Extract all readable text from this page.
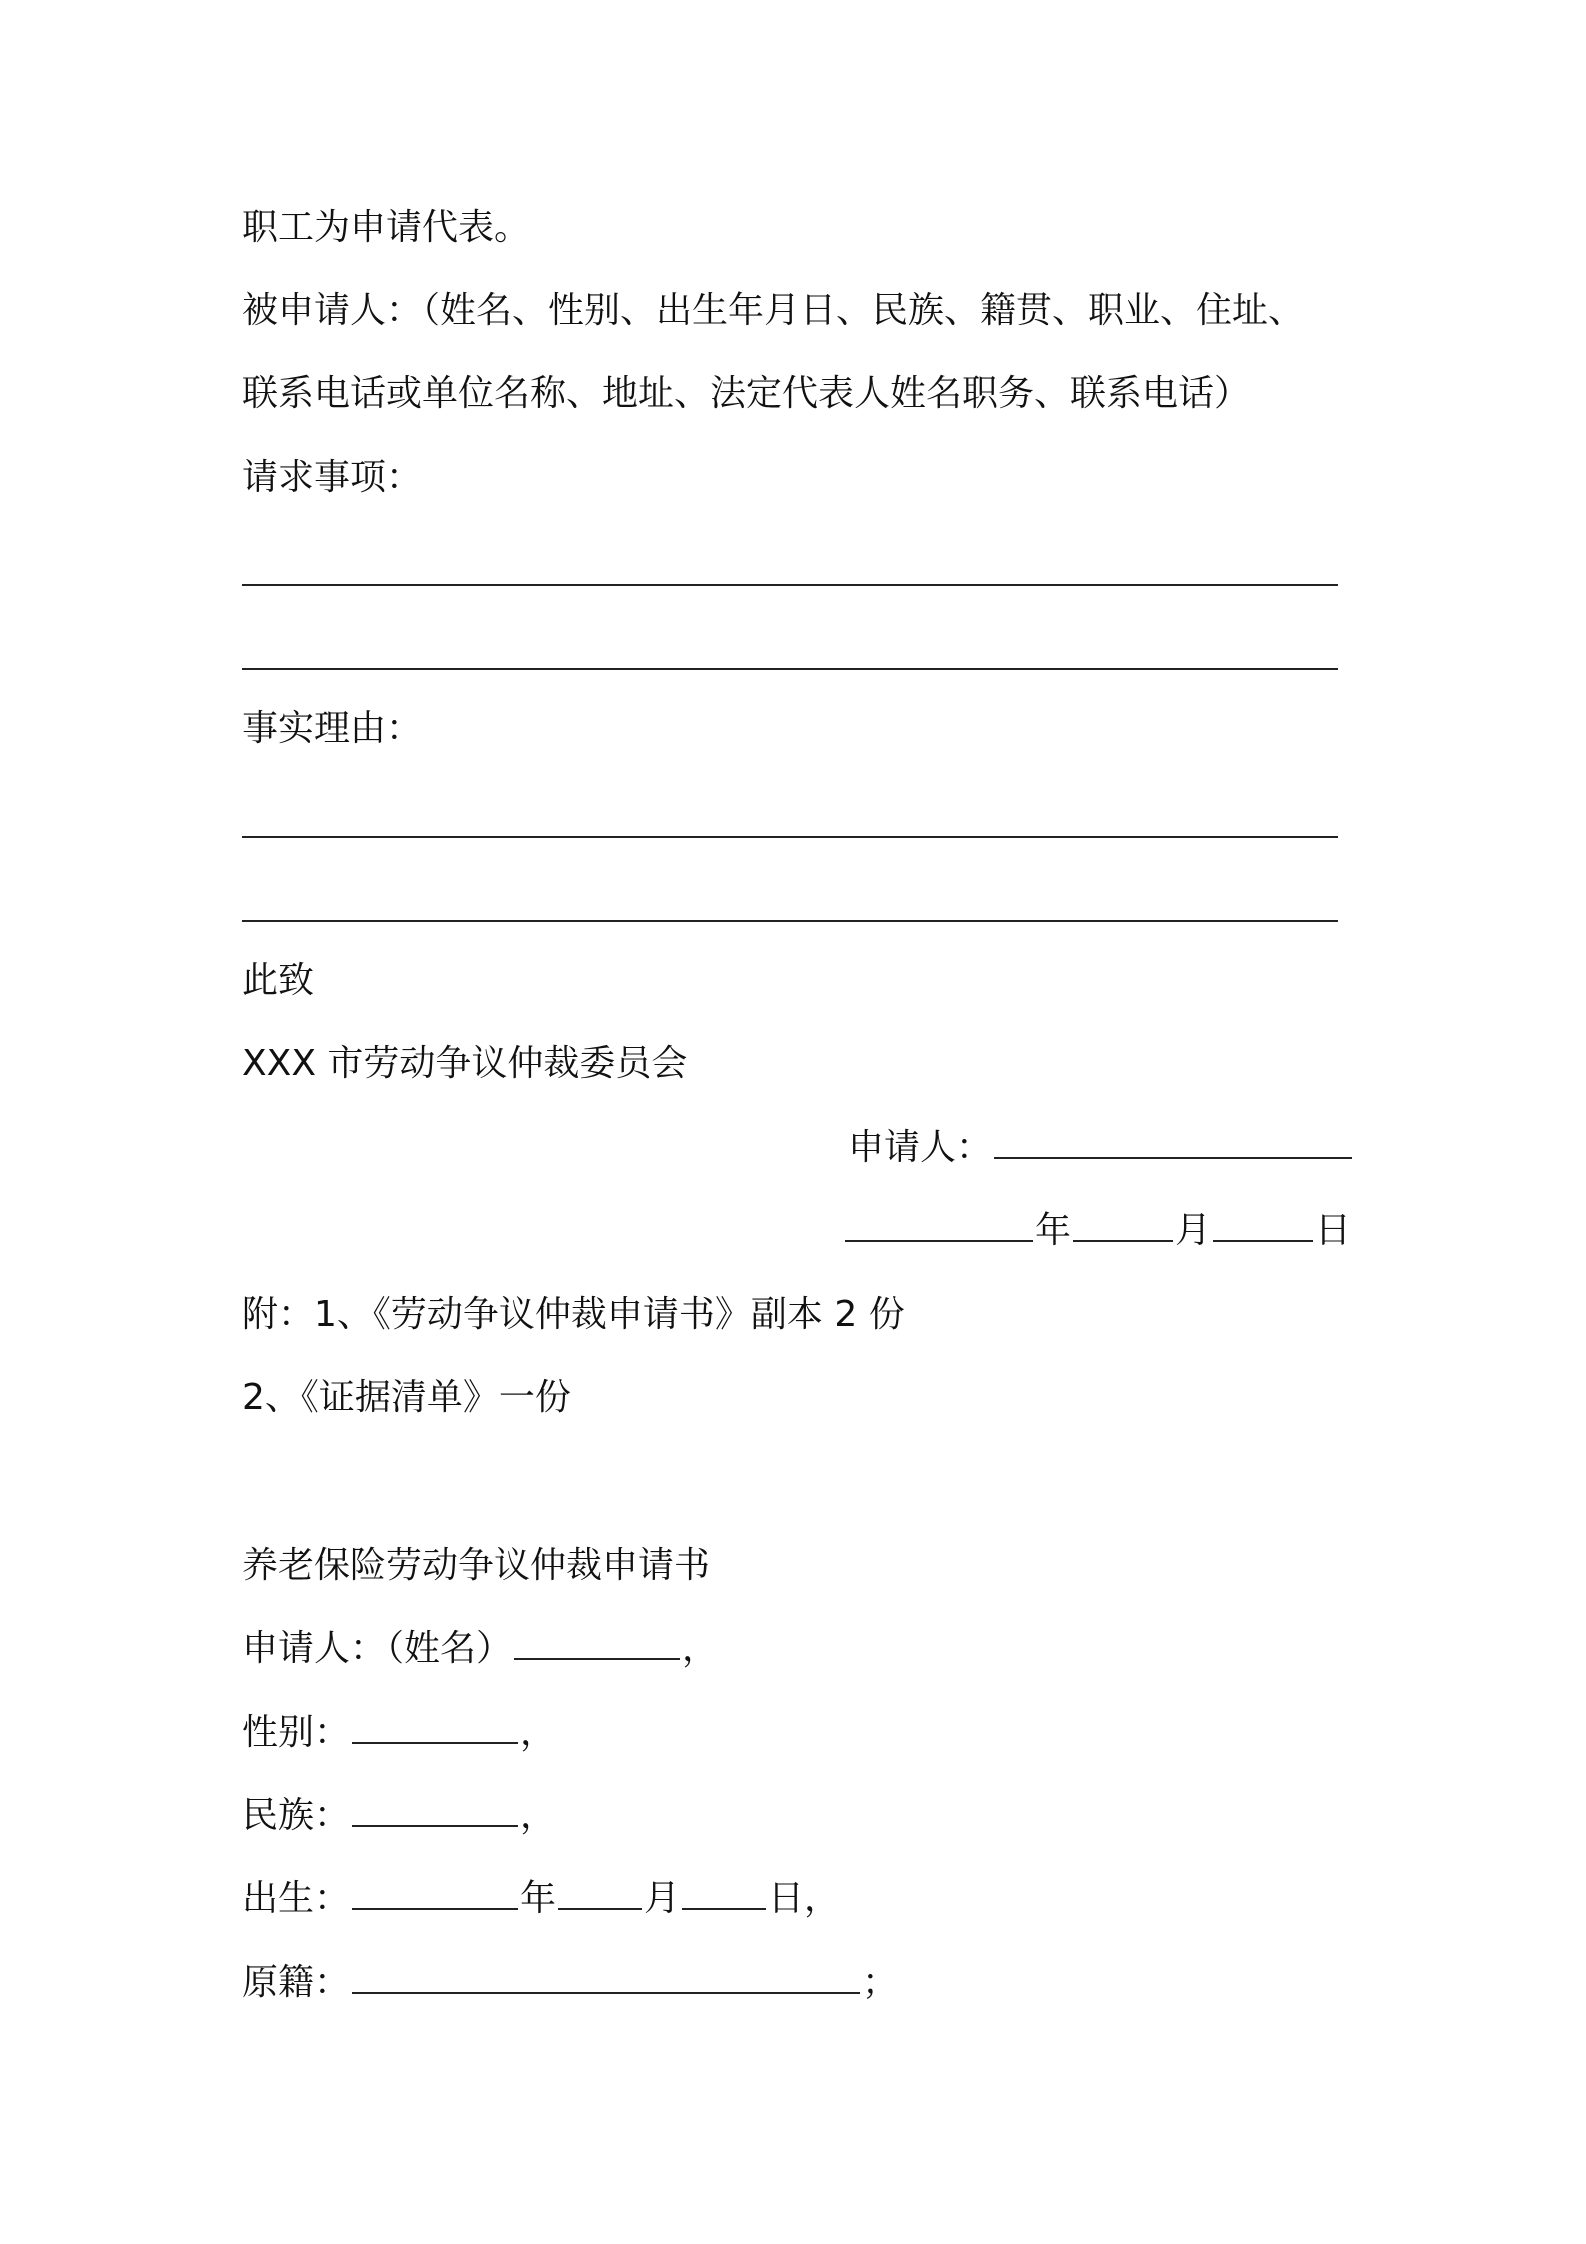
职工为申请代表。
被申请人：（姓名、性别、出生年月日、民族、籍贯、职业、住址、
联系电话或单位名称、地址、法定代表人姓名职务、联系电话）
请求事项：
事实理由：
此致
XXX 市劳动争议仲裁委员会
申请人：
年	月	日
附：1、《劳动争议仲裁申请书》副本 2 份
2、《证据清单》一份
养老保险劳动争议仲裁申请书
申请人：（姓名）	，
性别：	，
民族：	，
出生：	年 月 日，
原籍：	；
